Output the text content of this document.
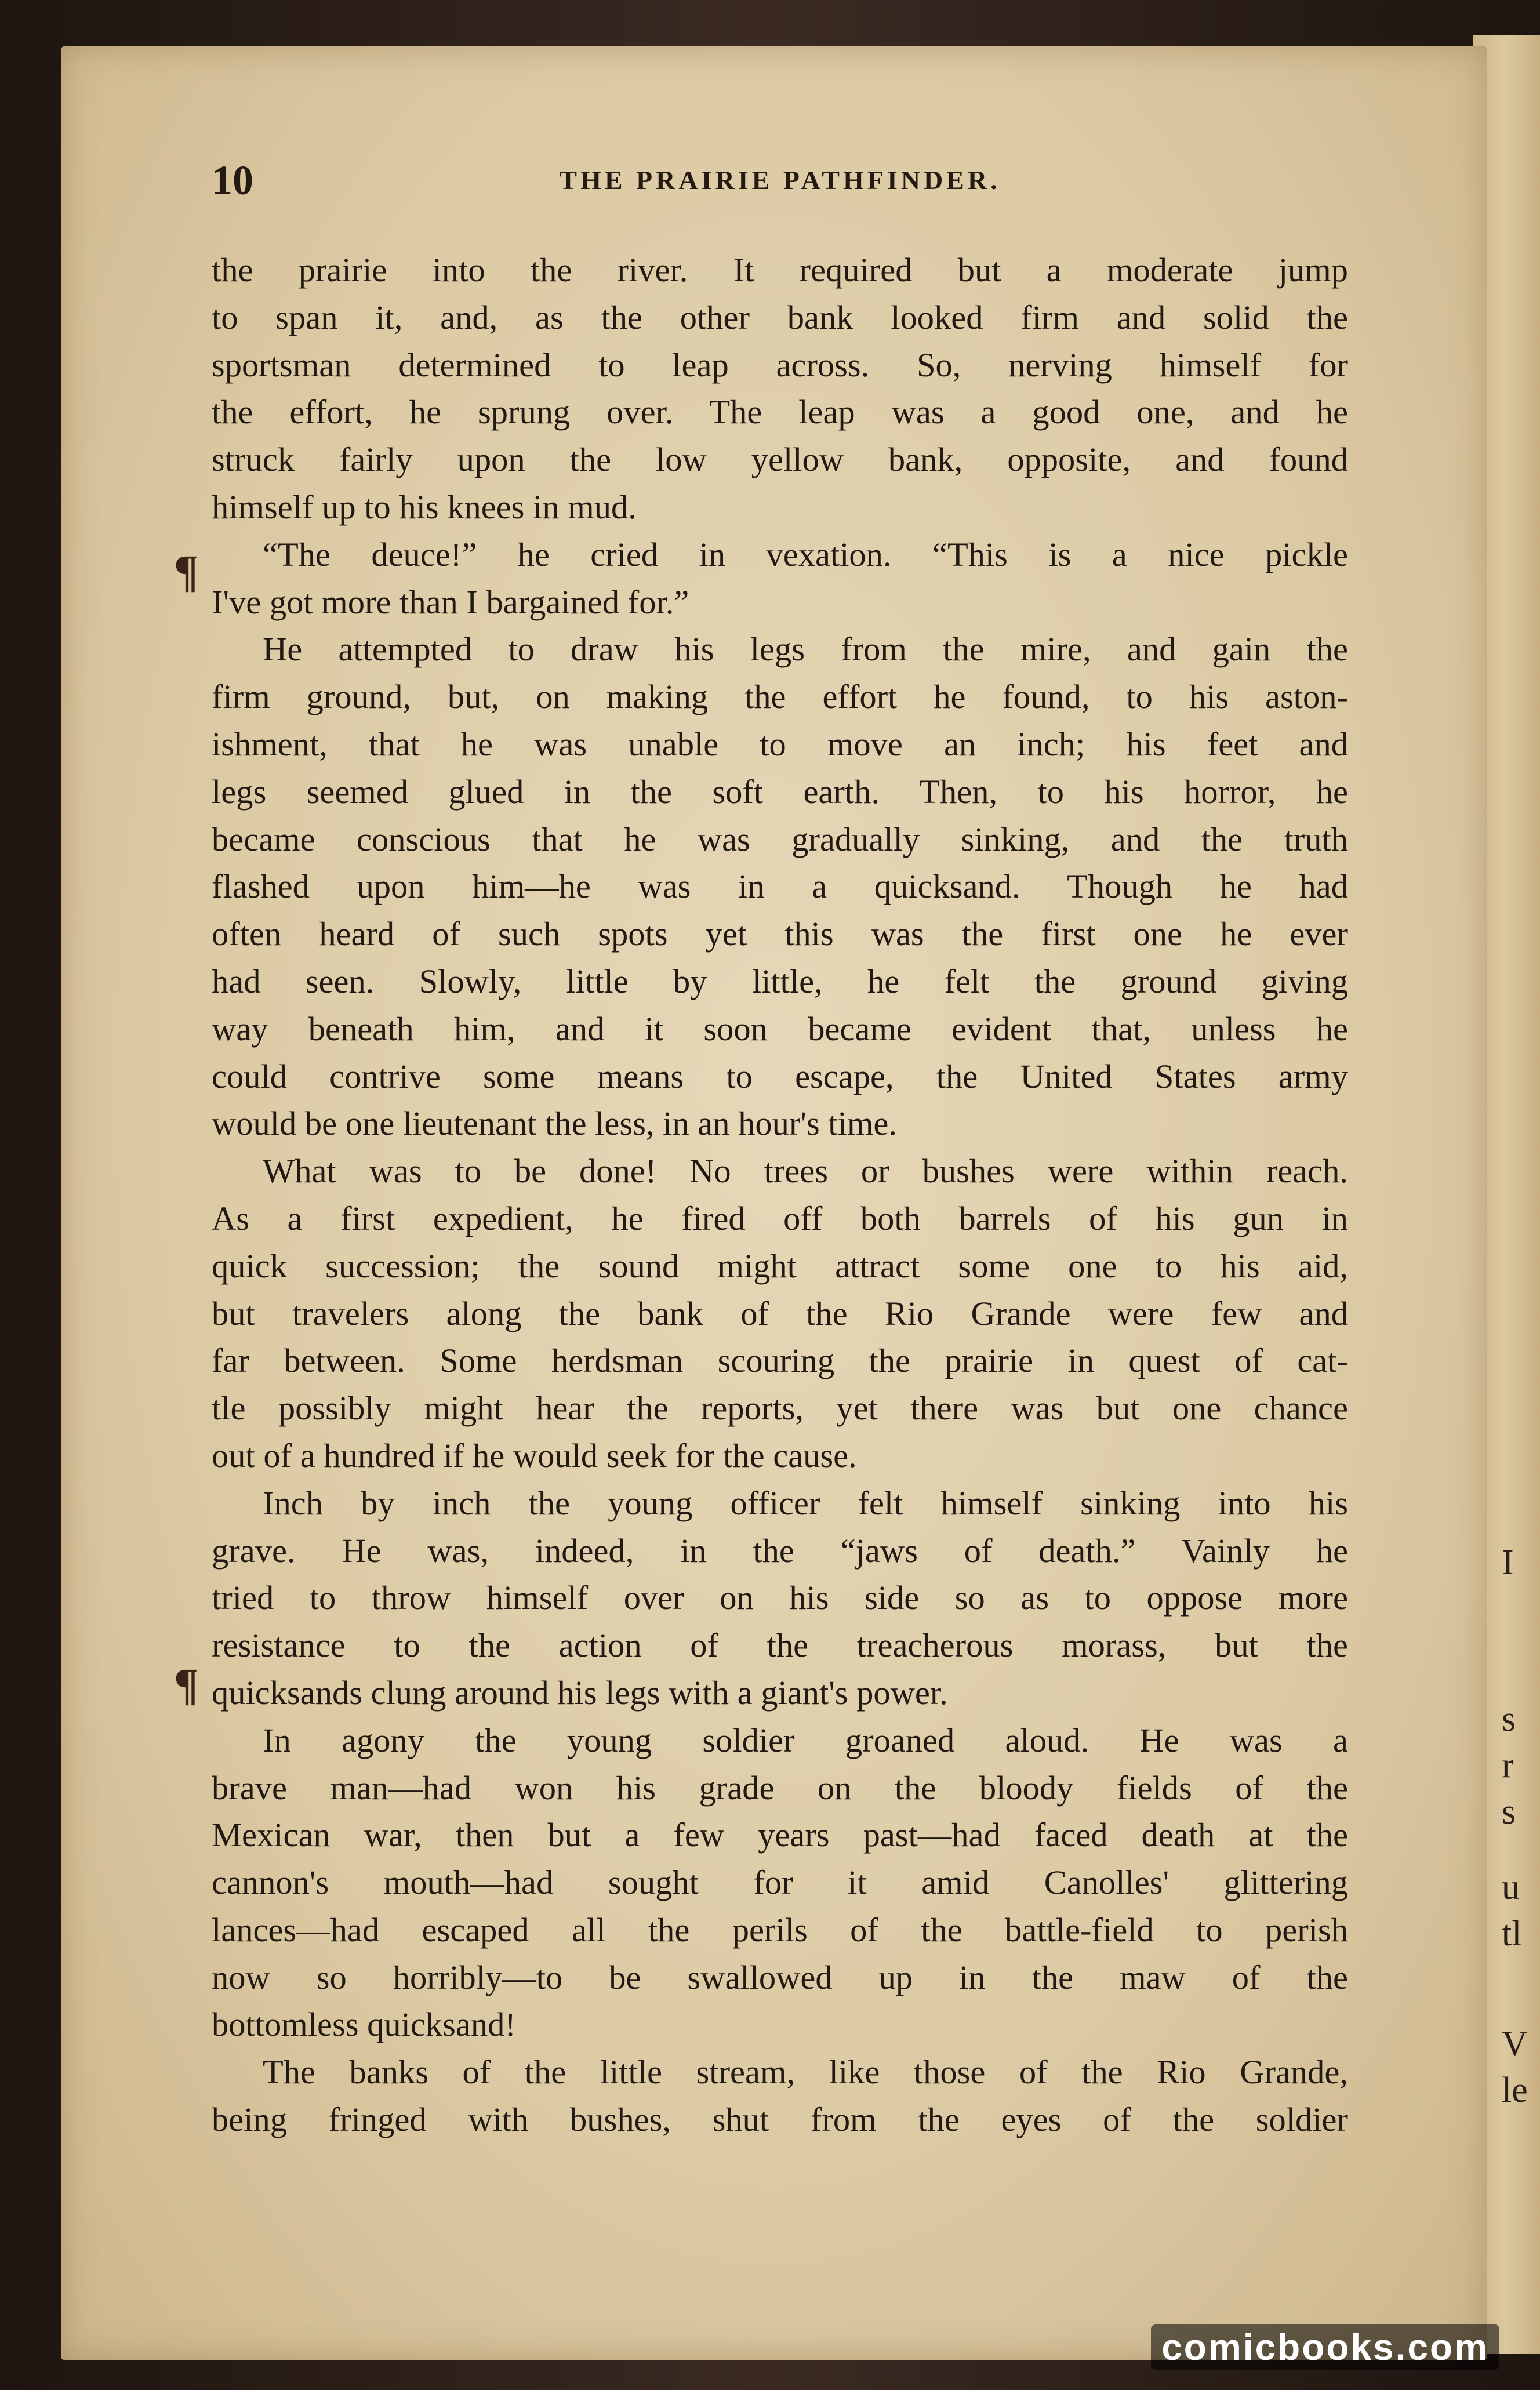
10	THE PRAIRIE PATHFINDER.
the prairie into the river. It required but a moderate jump
to span it, and, as the other bank looked firm and solid the
sportsman determined to leap across. So, nerving himself for
the effort, he sprung over. The leap was a good one, and he
struck fairly upon the low yellow bank, opposite, and found
himself up to his knees in mud.
“The deuce!” he cried in vexation. “This is a nice pickle
I've got more than I bargained for.”
He attempted to draw his legs from the mire, and gain the
firm ground, but, on making the effort he found, to his aston-
ishment, that he was unable to move an inch; his feet and
legs seemed glued in the soft earth. Then, to his horror, he
became conscious that he was gradually sinking, and the truth
flashed upon him—he was in a quicksand. Though he had
often heard of such spots yet this was the first one he ever
had seen. Slowly, little by little, he felt the ground giving
way beneath him, and it soon became evident that, unless he
could contrive some means to escape, the United States army
would be one lieutenant the less, in an hour's time.
What was to be done! No trees or bushes were within reach.
As a first expedient, he fired off both barrels of his gun in
quick succession; the sound might attract some one to his aid,
but travelers along the bank of the Rio Grande were few and
far between. Some herdsman scouring the prairie in quest of cat-
tle possibly might hear the reports, yet there was but one chance
out of a hundred if he would seek for the cause.
Inch by inch the young officer felt himself sinking into his
grave. He was, indeed, in the “jaws of death.” Vainly he
tried to throw himself over on his side so as to oppose more
resistance to the action of the treacherous morass, but the
quicksands clung around his legs with a giant's power.
In agony the young soldier groaned aloud. He was a
brave man—had won his grade on the bloody fields of the
Mexican war, then but a few years past—had faced death at the
cannon's mouth—had sought for it amid Canolles' glittering
lances—had escaped all the perils of the battle-field to perish
now so horribly—to be swallowed up in the maw of the
bottomless quicksand!
The banks of the little stream, like those of the Rio Grande,
being fringed with bushes, shut from the eyes of the soldier
¶
¶
I
s
r
s
u
tl
V
le
comicbooks.com
